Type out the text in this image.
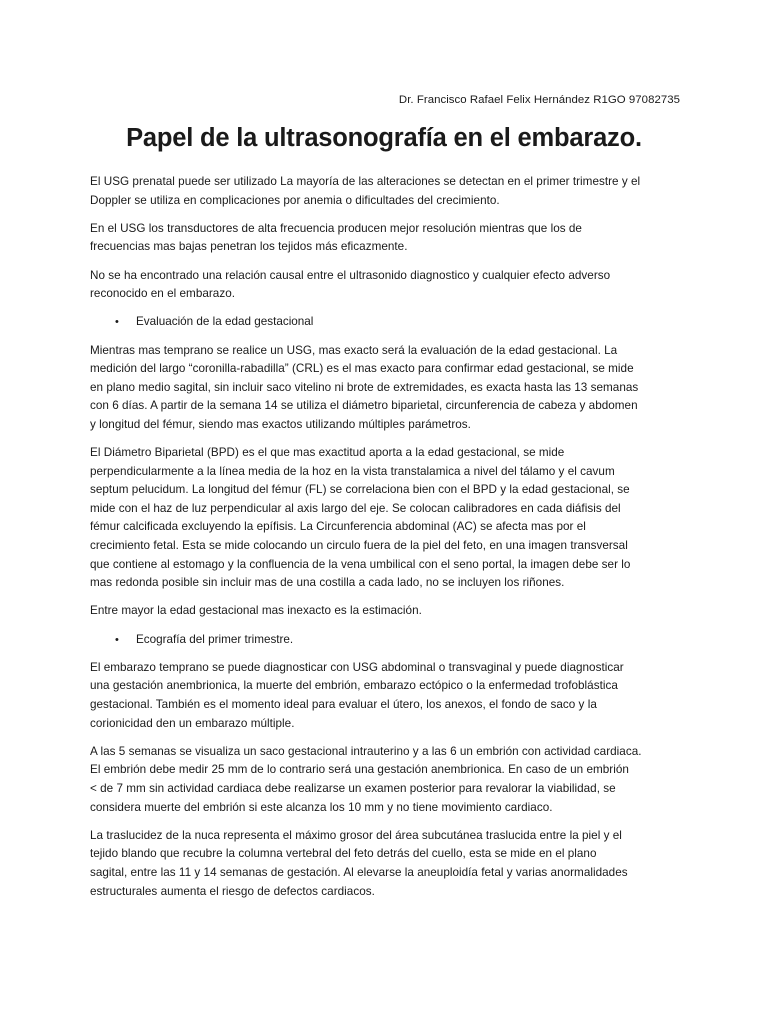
Dr. Francisco Rafael Felix Hernández R1GO 97082735
Papel de la ultrasonografía en el embarazo.
El USG prenatal puede ser utilizado La mayoría de las alteraciones se detectan en el primer trimestre y el
Doppler se utiliza en complicaciones por anemia o dificultades del crecimiento.
En el USG los transductores de alta frecuencia producen mejor resolución mientras que los de
frecuencias mas bajas penetran los tejidos más eficazmente.
No se ha encontrado una relación causal entre el ultrasonido diagnostico y cualquier efecto adverso
reconocido en el embarazo.
•	Evaluación de la edad gestacional
Mientras mas temprano se realice un USG, mas exacto será la evaluación de la edad gestacional. La
medición del largo “coronilla-rabadilla” (CRL) es el mas exacto para confirmar edad gestacional, se mide
en plano medio sagital, sin incluir saco vitelino ni brote de extremidades, es exacta hasta las 13 semanas
con 6 días. A partir de la semana 14 se utiliza el diámetro biparietal, circunferencia de cabeza y abdomen
y longitud del fémur, siendo mas exactos utilizando múltiples parámetros.
El Diámetro Biparietal (BPD) es el que mas exactitud aporta a la edad gestacional, se mide
perpendicularmente a la línea media de la hoz en la vista transtalamica a nivel del tálamo y el cavum
septum pelucidum. La longitud del fémur (FL) se correlaciona bien con el BPD y la edad gestacional, se
mide con el haz de luz perpendicular al axis largo del eje. Se colocan calibradores en cada diáfisis del
fémur calcificada excluyendo la epífisis. La Circunferencia abdominal (AC) se afecta mas por el
crecimiento fetal. Esta se mide colocando un circulo fuera de la piel del feto, en una imagen transversal
que contiene al estomago y la confluencia de la vena umbilical con el seno portal, la imagen debe ser lo
mas redonda posible sin incluir mas de una costilla a cada lado, no se incluyen los riñones.
Entre mayor la edad gestacional mas inexacto es la estimación.
•	Ecografía del primer trimestre.
El embarazo temprano se puede diagnosticar con USG abdominal o transvaginal y puede diagnosticar
una gestación anembrionica, la muerte del embrión, embarazo ectópico o la enfermedad trofoblástica
gestacional. También es el momento ideal para evaluar el útero, los anexos, el fondo de saco y la
corionicidad den un embarazo múltiple.
A las 5 semanas se visualiza un saco gestacional intrauterino y a las 6 un embrión con actividad cardiaca.
El embrión debe medir 25 mm de lo contrario será una gestación anembrionica. En caso de un embrión
< de 7 mm sin actividad cardiaca debe realizarse un examen posterior para revalorar la viabilidad, se
considera muerte del embrión si este alcanza los 10 mm y no tiene movimiento cardiaco.
La traslucidez de la nuca representa el máximo grosor del área subcutánea traslucida entre la piel y el
tejido blando que recubre la columna vertebral del feto detrás del cuello, esta se mide en el plano
sagital, entre las 11 y 14 semanas de gestación. Al elevarse la aneuploidía fetal y varias anormalidades
estructurales aumenta el riesgo de defectos cardiacos.
